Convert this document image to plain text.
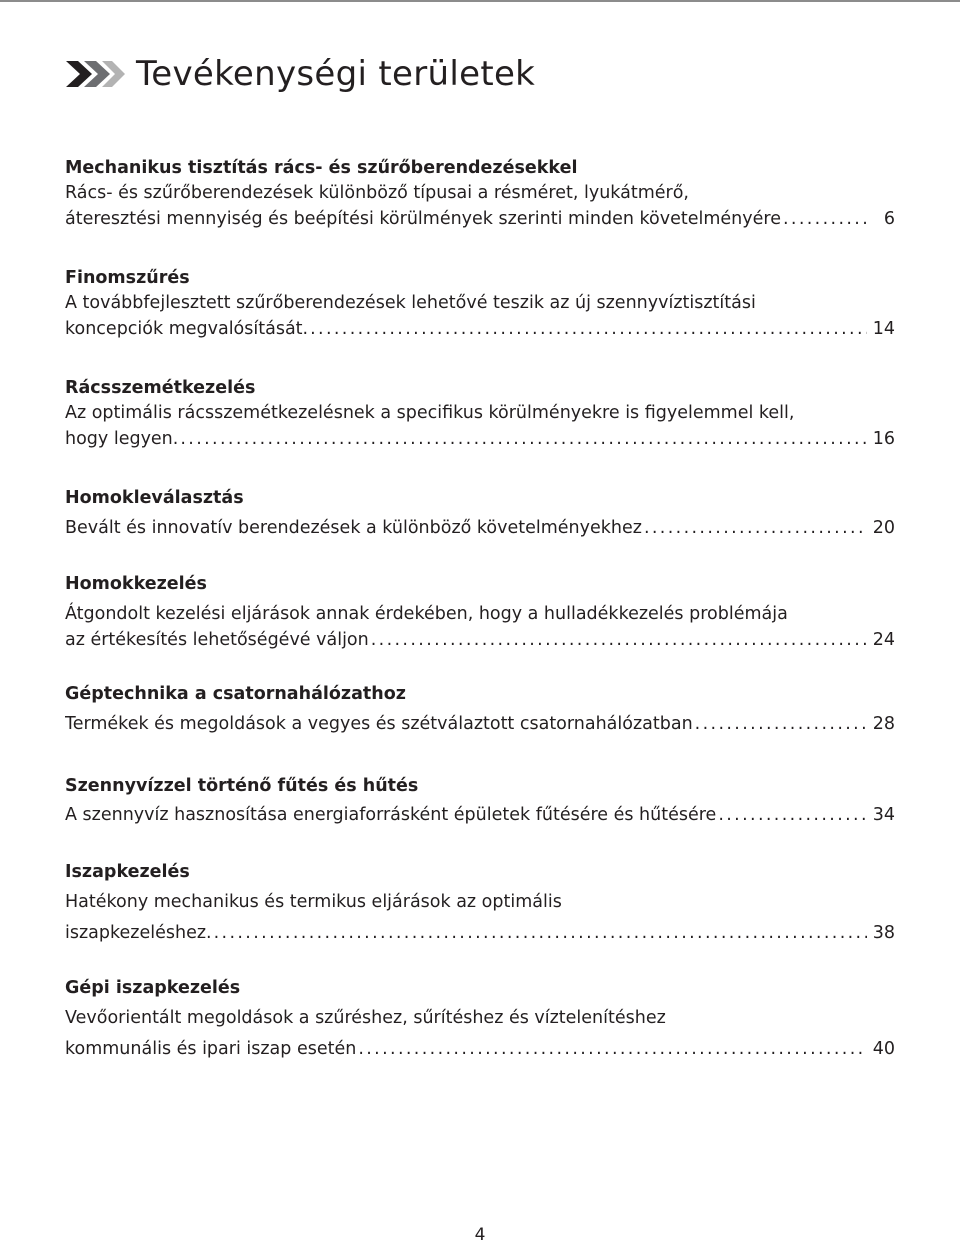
Tevékenységi területek
Mechanikus tisztítás rács- és szűrőberendezésekkel
Rács- és szűrőberendezések különböző típusai a résméret, lyukátmérő,
áteresztési mennyiség és beépítési körülmények szerinti minden követelményére . . .	6
Finomszűrés
A továbbfejlesztett szűrőberendezések lehetővé teszik az új szennyvíztisztítási
koncepciók megvalósítását. . . .	14
Rácsszemétkezelés
Az optimális rácsszemétkezelésnek a specifikus körülményekre is figyelemmel kell,
hogy legyen. . . .	16
Homokleválasztás
Bevált és innovatív berendezések a különböző követelményekhez . . .	20
Homokkezelés
Átgondolt kezelési eljárások annak érdekében, hogy a hulladékkezelés problémája
az értékesítés lehetőségévé váljon . . .	24
Géptechnika a csatornahálózathoz
Termékek és megoldások a vegyes és szétválaztott csatornahálózatban . . .	28
Szennyvízzel történő fűtés és hűtés
A szennyvíz hasznosítása energiaforrásként épületek fűtésére és hűtésére . . .	34
Iszapkezelés
Hatékony mechanikus és termikus eljárások az optimális
iszapkezeléshez. . . .	38
Gépi iszapkezelés
Vevőorientált megoldások a szűréshez, sűrítéshez és víztelenítéshez
kommunális és ipari iszap esetén . . .	40
4
